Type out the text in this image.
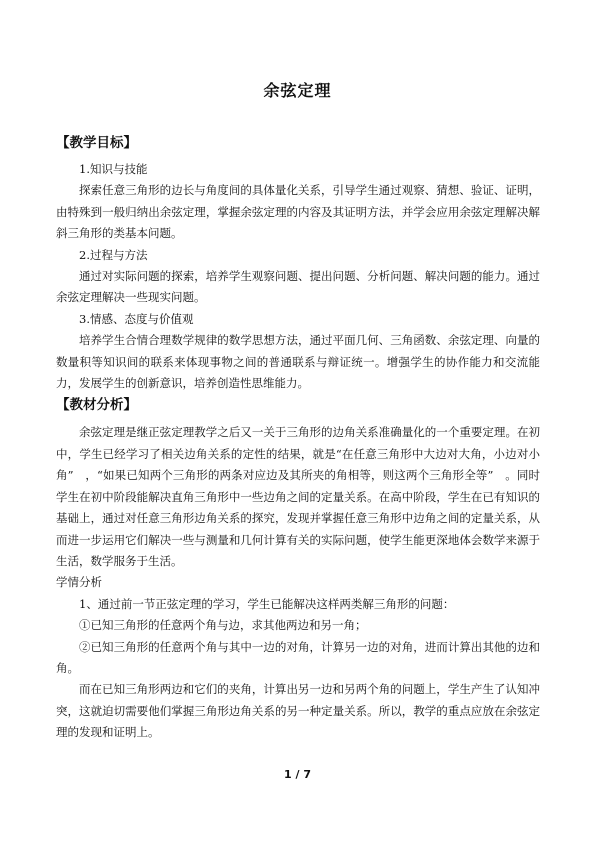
余弦定理

【教学目标】

1.知识与技能

探索任意三角形的边长与角度间的具体量化关系，引导学生通过观察、猜想、验证、证明，由特殊到一般归纳出余弦定理，掌握余弦定理的内容及其证明方法，并学会应用余弦定理解决解斜三角形的类基本问题。

2.过程与方法

通过对实际问题的探索，培养学生观察问题、提出问题、分析问题、解决问题的能力。通过余弦定理解决一些现实问题。

3.情感、态度与价值观

培养学生合情合理数学规律的数学思想方法，通过平面几何、三角函数、余弦定理、向量的数量积等知识间的联系来体现事物之间的普通联系与辩证统一。增强学生的协作能力和交流能力，发展学生的创新意识，培养创造性思维能力。

【教材分析】

余弦定理是继正弦定理教学之后又一关于三角形的边角关系准确量化的一个重要定理。在初中，学生已经学习了相关边角关系的定性的结果，就是“在任意三角形中大边对大角，小边对小角”　，“如果已知两个三角形的两条对应边及其所夹的角相等，则这两个三角形全等”　。同时学生在初中阶段能解决直角三角形中一些边角之间的定量关系。在高中阶段，学生在已有知识的基础上，通过对任意三角形边角关系的探究，发现并掌握任意三角形中边角之间的定量关系，从而进一步运用它们解决一些与测量和几何计算有关的实际问题，使学生能更深地体会数学来源于生活，数学服务于生活。

学情分析

1、通过前一节正弦定理的学习，学生已能解决这样两类解三角形的问题：

①已知三角形的任意两个角与边，求其他两边和另一角；

②已知三角形的任意两个角与其中一边的对角，计算另一边的对角，进而计算出其他的边和角。

而在已知三角形两边和它们的夹角，计算出另一边和另两个角的问题上，学生产生了认知冲突，这就迫切需要他们掌握三角形边角关系的另一种定量关系。所以，教学的重点应放在余弦定理的发现和证明上。

1 / 7
